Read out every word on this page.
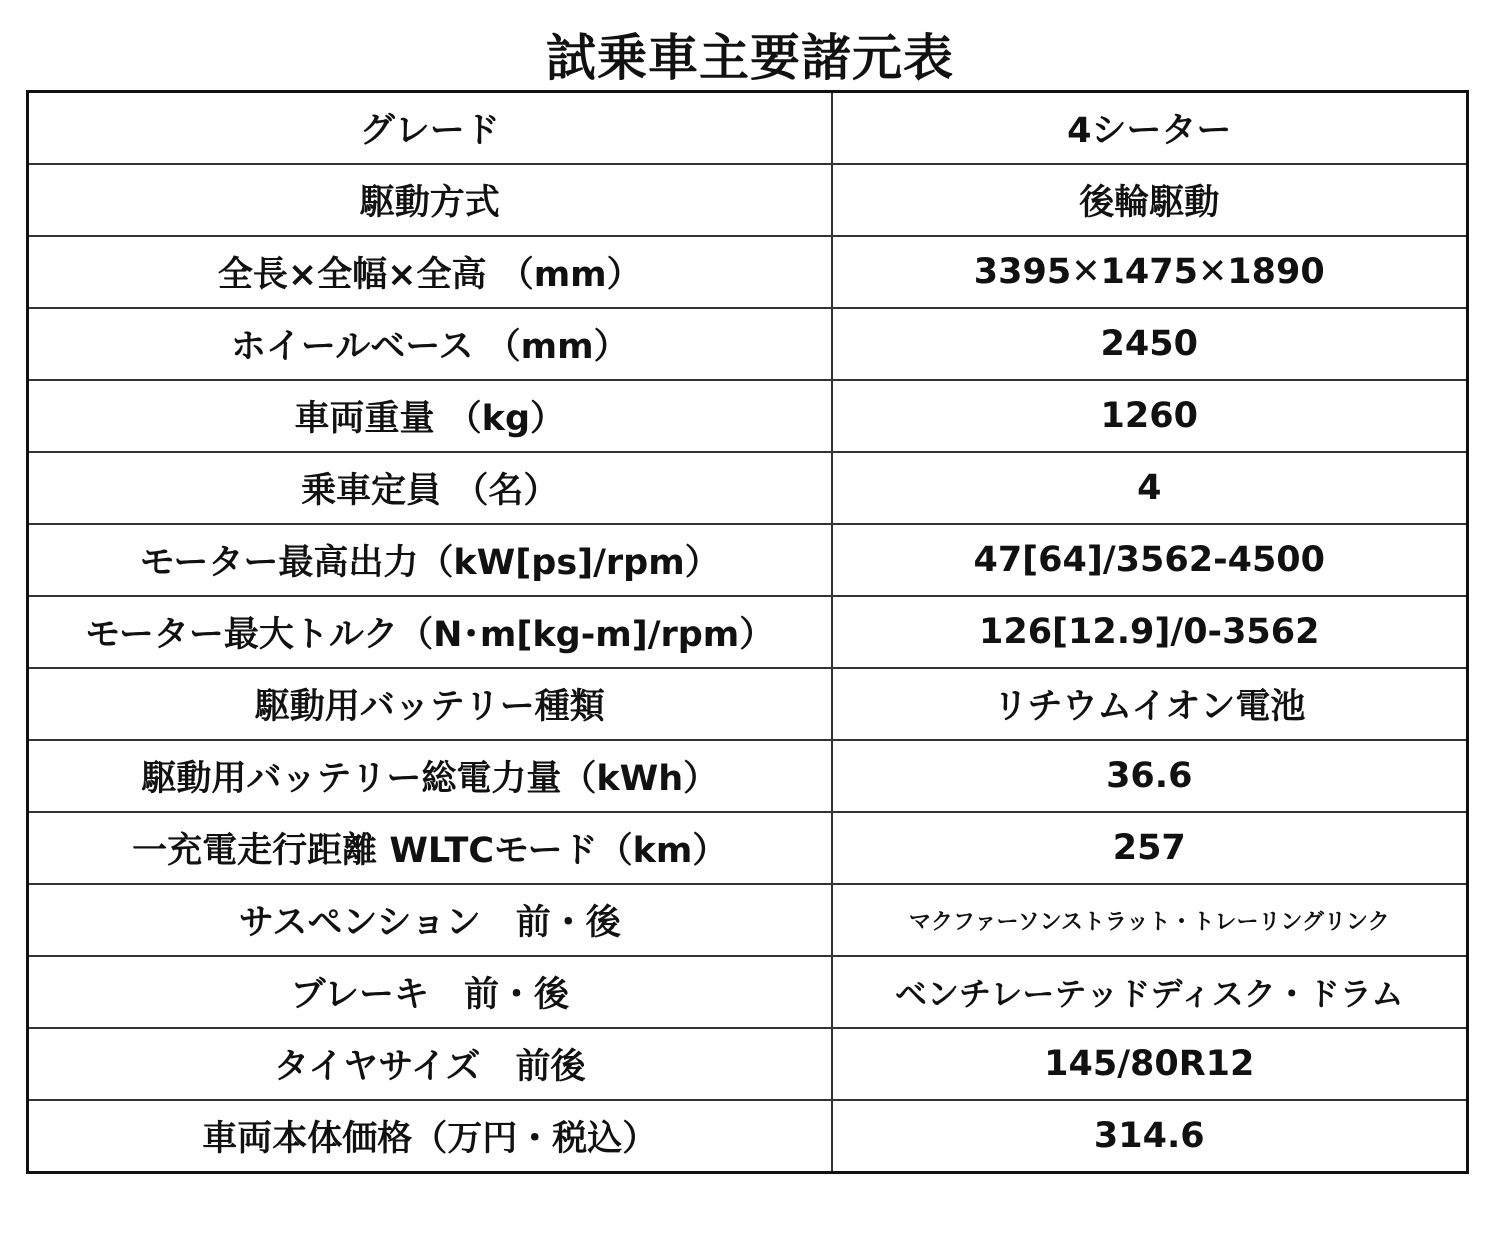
試乗車主要諸元表
グレード	4シーター
駆動方式	後輪駆動
全長×全幅×全高 （mm）	3395✕1475✕1890
ホイールベース （mm）	2450
車両重量 （kg）	1260
乗車定員 （名）	4
モーター最高出力（kW[ps]/rpm）	47[64]/3562-4500
モーター最大トルク（N･m[kg-m]/rpm）	126[12.9]/0-3562
駆動用バッテリー種類	リチウムイオン電池
駆動用バッテリー総電力量（kWh）	36.6
一充電走行距離 WLTCモード（km）	257
サスペンション　前・後	マクファーソンストラット・トレーリングリンク
ブレーキ　前・後	ベンチレーテッドディスク・ドラム
タイヤサイズ　前後	145/80R12
車両本体価格（万円・税込）	314.6
